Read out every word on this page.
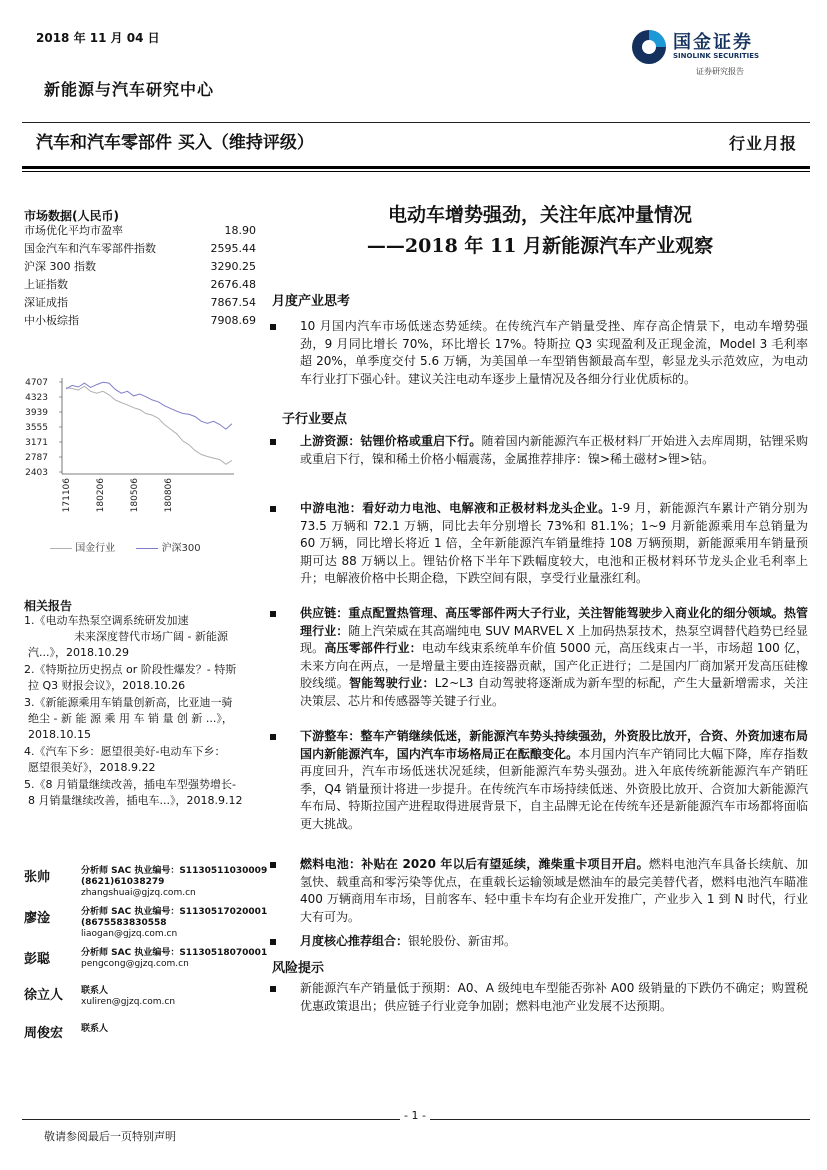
2018 年 11 月 04 日
新能源与汽车研究中心
国金证券
SINOLINK SECURITIES
证券研究报告
汽车和汽车零部件 买入（维持评级）	行业月报
市场数据(人民币)
市场优化平均市盈率	18.90
国金汽车和汽车零部件指数	2595.44
沪深 300 指数	3290.25
上证指数	2676.48
深证成指	7867.54
中小板综指	7908.69
4707
4323
3939
3555
3171
2787
2403
171106	180206	180506	180806
国金行业	沪深300
相关报告

1.《电动车热泵空调系统研发加速
未来深度替代市场广阔 - 新能源
汽...》，2018.10.29

2.《特斯拉历史拐点 or 阶段性爆发？- 特斯
拉 Q3 财报会议》，2018.10.26

3.《新能源乘用车销量创新高，比亚迪一骑
绝尘 - 新 能 源 乘 用 车 销 量 创 新 ...》，
2018.10.15

4.《汽车下乡：愿望很美好-电动车下乡：
愿望很美好》，2018.9.22

5.《8 月销量继续改善，插电车型强势增长-
8 月销量继续改善，插电车...》，2018.9.12

张帅	分析师 SAC 执业编号：S1130511030009
(8621)61038279
zhangshuai@gjzq.com.cn
廖淦	分析师 SAC 执业编号：S1130517020001
(8675583830558
liaogan@gjzq.com.cn
彭聪	分析师 SAC 执业编号：S1130518070001
pengcong@gjzq.com.cn
徐立人 联系人
xuliren@gjzq.com.cn
周俊宏 联系人
电动车增势强劲，关注年底冲量情况
——2018 年 11 月新能源汽车产业观察
月度产业思考
10 月国内汽车市场低迷态势延续。在传统汽车产销量受挫、库存高企情景下，电动车增势强劲，9 月同比增长 70%，环比增长 17%。特斯拉 Q3 实现盈利及正现金流，Model 3 毛利率超 20%，单季度交付 5.6 万辆，为美国单一车型销售额最高车型，彰显龙头示范效应，为电动车行业打下强心针。建议关注电动车逐步上量情况及各细分行业优质标的。
子行业要点
上游资源：钴锂价格或重启下行。随着国内新能源汽车正极材料厂开始进入去库周期，钴锂采购或重启下行，镍和稀土价格小幅震荡，金属推荐排序：镍>稀土磁材>锂>钴。
中游电池：看好动力电池、电解液和正极材料龙头企业。1-9 月，新能源汽车累计产销分别为 73.5 万辆和 72.1 万辆，同比去年分别增长 73%和 81.1%；1~9 月新能源乘用车总销量为 60 万辆，同比增长将近 1 倍，全年新能源汽车销量维持 108 万辆预期，新能源乘用车销量预期可达 88 万辆以上。锂钴价格下半年下跌幅度较大，电池和正极材料环节龙头企业毛利率上升；电解液价格中长期企稳，下跌空间有限，享受行业量涨红利。
供应链：重点配置热管理、高压零部件两大子行业，关注智能驾驶步入商业化的细分领域。热管理行业：随上汽荣威在其高端纯电 SUV MARVEL X 上加码热泵技术，热泵空调替代趋势已经显现。高压零部件行业：电动车线束系统单车价值 5000 元，高压线束占一半，市场超 100 亿，未来方向在两点，一是增量主要由连接器贡献，国产化正进行；二是国内厂商加紧开发高压硅橡胶线缆。智能驾驶行业：L2~L3 自动驾驶将逐渐成为新车型的标配，产生大量新增需求，关注决策层、芯片和传感器等关键子行业。
下游整车：整车产销继续低迷，新能源汽车势头持续强劲，外资股比放开，合资、外资加速布局国内新能源汽车，国内汽车市场格局正在酝酿变化。本月国内汽车产销同比大幅下降，库存指数再度回升，汽车市场低迷状况延续，但新能源汽车势头强劲。进入年底传统新能源汽车产销旺季，Q4 销量预计将进一步提升。在传统汽车市场持续低迷、外资股比放开、合资加大新能源汽车布局、特斯拉国产进程取得进展背景下，自主品牌无论在传统车还是新能源汽车市场都将面临更大挑战。
燃料电池：补贴在 2020 年以后有望延续，潍柴重卡项目开启。燃料电池汽车具备长续航、加氢快、载重高和零污染等优点，在重载长运输领域是燃油车的最完美替代者，燃料电池汽车瞄准 400 万辆商用车市场，目前客车、轻中重卡车均有企业开发推广，产业步入 1 到 N 时代，行业大有可为。
月度核心推荐组合：银轮股份、新宙邦。
风险提示
新能源汽车产销量低于预期：A0、A 级纯电车型能否弥补 A00 级销量的下跌仍不确定；购置税优惠政策退出；供应链子行业竞争加剧；燃料电池产业发展不达预期。
- 1 -
敬请参阅最后一页特别声明
